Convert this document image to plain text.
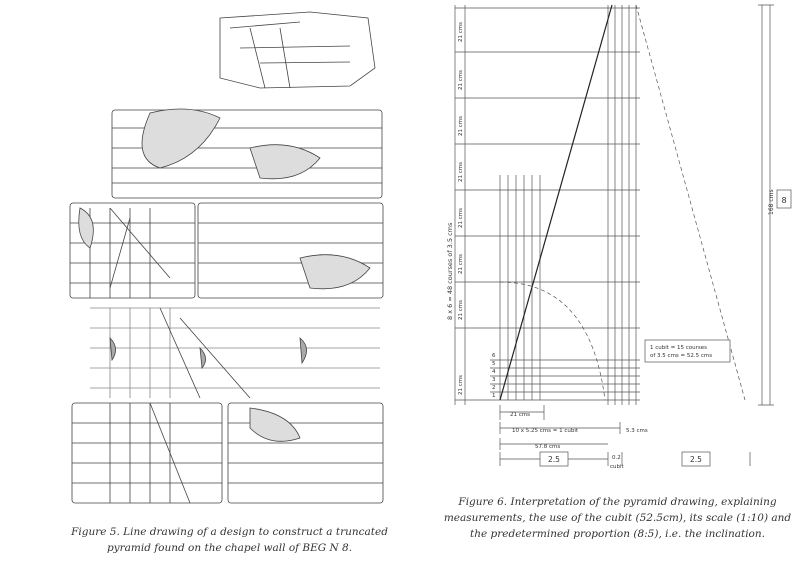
Figure 5. Line drawing of a design to construct a truncated
pyramid found on the chapel wall of BEG N 8.
8
168 cms
8 x 6 = 48 courses of 3.5 cms
21 cms
21 cms
21 cms
21 cms
21 cms
21 cms
21 cms
21 cms
1
2
3
4
5
6
1 cubit = 15 courses
of 3.5 cms = 52.5 cms
21 cms
10 x 5.25 cms = 1 cubit	5.3 cms
57.8 cms
0.2
cubit
2.5	2.5
Figure 6. Interpretation of the pyramid drawing, explaining
measurements, the use of the cubit (52.5cm), its scale (1:10) and
the predetermined proportion (8:5), i.e. the inclination.
